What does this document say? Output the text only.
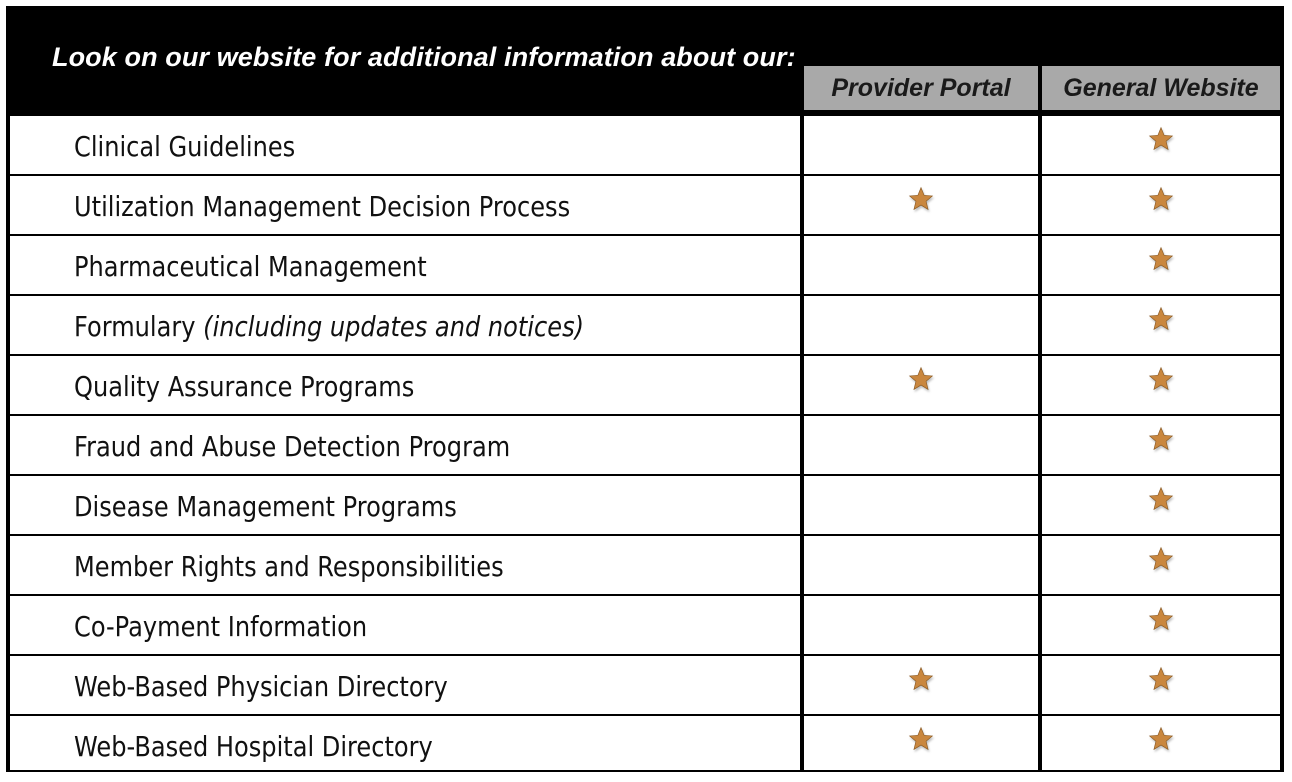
Look on our website for additional information about our:
Provider Portal	General Website
Clinical Guidelines
Utilization Management Decision Process
Pharmaceutical Management
Formulary (including updates and notices)
Quality Assurance Programs
Fraud and Abuse Detection Program
Disease Management Programs
Member Rights and Responsibilities
Co-Payment Information
Web-Based Physician Directory
Web-Based Hospital Directory
